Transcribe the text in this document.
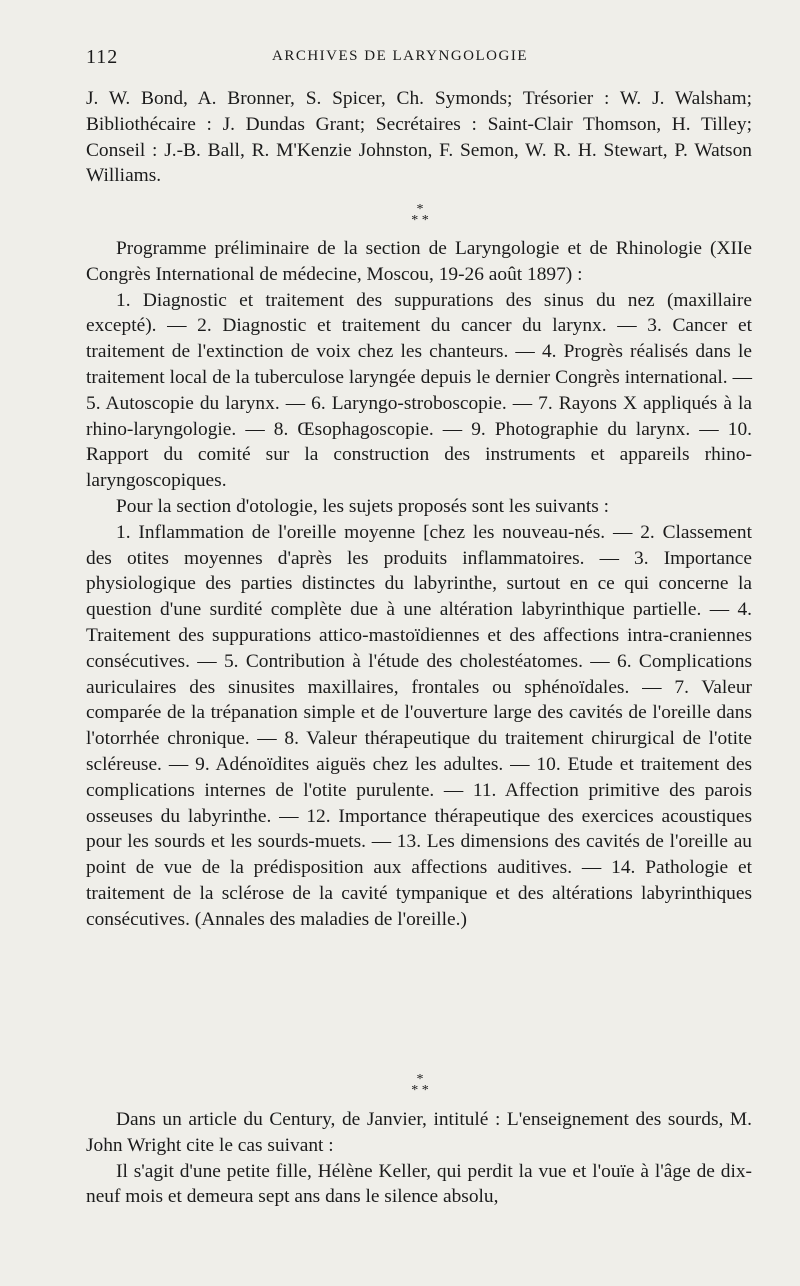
112	ARCHIVES DE LARYNGOLOGIE

J. W. Bond, A. Bronner, S. Spicer, Ch. Symonds; Trésorier : W. J. Walsham; Bibliothécaire : J. Dundas Grant; Secrétaires : Saint-Clair Thomson, H. Tilley; Conseil : J.-B. Ball, R. M'Kenzie Johnston, F. Semon, W. R. H. Stewart, P. Watson Williams.

*
* *

Programme préliminaire de la section de Laryngologie et de Rhinologie (XIIe Congrès International de médecine, Moscou, 19-26 août 1897) :

1. Diagnostic et traitement des suppurations des sinus du nez (maxillaire excepté). — 2. Diagnostic et traitement du cancer du larynx. — 3. Cancer et traitement de l'extinction de voix chez les chanteurs. — 4. Progrès réalisés dans le traitement local de la tuberculose laryngée depuis le dernier Congrès international. — 5. Autoscopie du larynx. — 6. Laryngo-stroboscopie. — 7. Rayons X appliqués à la rhino-laryngologie. — 8. Œsophagoscopie. — 9. Photographie du larynx. — 10. Rapport du comité sur la construction des instruments et appareils rhino-laryngoscopiques.

Pour la section d'otologie, les sujets proposés sont les suivants :

1. Inflammation de l'oreille moyenne [chez les nouveau-nés. — 2. Classement des otites moyennes d'après les produits inflammatoires. — 3. Importance physiologique des parties distinctes du labyrinthe, surtout en ce qui concerne la question d'une surdité complète due à une altération labyrinthique partielle. — 4. Traitement des suppurations attico-mastoïdiennes et des affections intra-craniennes consécutives. — 5. Contribution à l'étude des cholestéatomes. — 6. Complications auriculaires des sinusites maxillaires, frontales ou sphénoïdales. — 7. Valeur comparée de la trépanation simple et de l'ouverture large des cavités de l'oreille dans l'otorrhée chronique. — 8. Valeur thérapeutique du traitement chirurgical de l'otite scléreuse. — 9. Adénoïdites aiguës chez les adultes. — 10. Etude et traitement des complications internes de l'otite purulente. — 11. Affection primitive des parois osseuses du labyrinthe. — 12. Importance thérapeutique des exercices acoustiques pour les sourds et les sourds-muets. — 13. Les dimensions des cavités de l'oreille au point de vue de la prédisposition aux affections auditives. — 14. Pathologie et traitement de la sclérose de la cavité tympanique et des altérations labyrinthiques consécutives. (Annales des maladies de l'oreille.)

*
* *

Dans un article du Century, de Janvier, intitulé : L'enseignement des sourds, M. John Wright cite le cas suivant :

Il s'agit d'une petite fille, Hélène Keller, qui perdit la vue et l'ouïe à l'âge de dix-neuf mois et demeura sept ans dans le silence absolu,
